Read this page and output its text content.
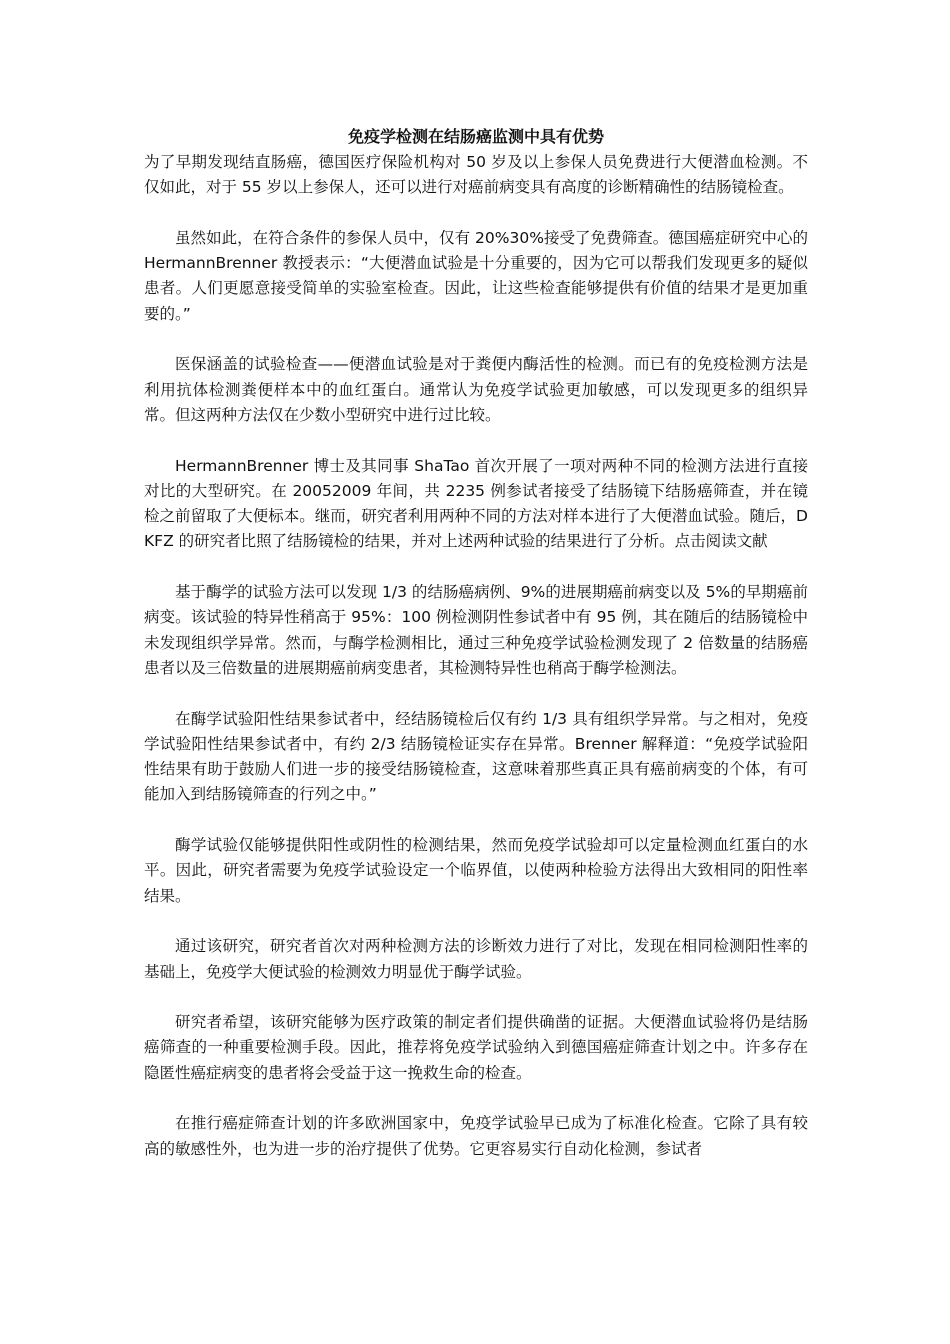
免疫学检测在结肠癌监测中具有优势

为了早期发现结直肠癌，德国医疗保险机构对 50 岁及以上参保人员免费进行大便潜血检测。不仅如此，对于 55 岁以上参保人，还可以进行对癌前病变具有高度的诊断精确性的结肠镜检查。

虽然如此，在符合条件的参保人员中，仅有 20%30%接受了免费筛查。德国癌症研究中心的 HermannBrenner 教授表示：“大便潜血试验是十分重要的，因为它可以帮我们发现更多的疑似患者。人们更愿意接受简单的实验室检查。因此，让这些检查能够提供有价值的结果才是更加重要的。”

医保涵盖的试验检查——便潜血试验是对于粪便内酶活性的检测。而已有的免疫检测方法是利用抗体检测粪便样本中的血红蛋白。通常认为免疫学试验更加敏感，可以发现更多的组织异常。但这两种方法仅在少数小型研究中进行过比较。

HermannBrenner 博士及其同事 ShaTao 首次开展了一项对两种不同的检测方法进行直接对比的大型研究。在 20052009 年间，共 2235 例参试者接受了结肠镜下结肠癌筛查，并在镜检之前留取了大便标本。继而，研究者利用两种不同的方法对样本进行了大便潜血试验。随后，DKFZ 的研究者比照了结肠镜检的结果，并对上述两种试验的结果进行了分析。点击阅读文献

基于酶学的试验方法可以发现 1/3 的结肠癌病例、9%的进展期癌前病变以及 5%的早期癌前病变。该试验的特异性稍高于 95%：100 例检测阴性参试者中有 95 例，其在随后的结肠镜检中未发现组织学异常。然而，与酶学检测相比，通过三种免疫学试验检测发现了 2 倍数量的结肠癌患者以及三倍数量的进展期癌前病变患者，其检测特异性也稍高于酶学检测法。

在酶学试验阳性结果参试者中，经结肠镜检后仅有约 1/3 具有组织学异常。与之相对，免疫学试验阳性结果参试者中，有约 2/3 结肠镜检证实存在异常。Brenner 解释道：“免疫学试验阳性结果有助于鼓励人们进一步的接受结肠镜检查，这意味着那些真正具有癌前病变的个体，有可能加入到结肠镜筛查的行列之中。”

酶学试验仅能够提供阳性或阴性的检测结果，然而免疫学试验却可以定量检测血红蛋白的水平。因此，研究者需要为免疫学试验设定一个临界值，以使两种检验方法得出大致相同的阳性率结果。

通过该研究，研究者首次对两种检测方法的诊断效力进行了对比，发现在相同检测阳性率的基础上，免疫学大便试验的检测效力明显优于酶学试验。

研究者希望，该研究能够为医疗政策的制定者们提供确凿的证据。大便潜血试验将仍是结肠癌筛查的一种重要检测手段。因此，推荐将免疫学试验纳入到德国癌症筛查计划之中。许多存在隐匿性癌症病变的患者将会受益于这一挽救生命的检查。

在推行癌症筛查计划的许多欧洲国家中，免疫学试验早已成为了标准化检查。它除了具有较高的敏感性外，也为进一步的治疗提供了优势。它更容易实行自动化检测，参试者
